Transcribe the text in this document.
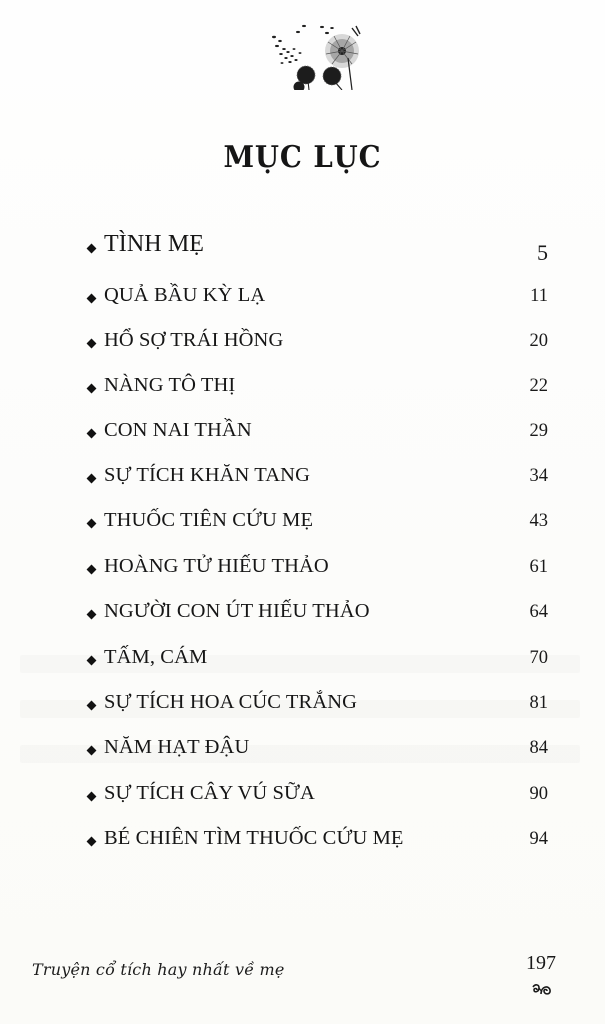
MỤC LỤC
TÌNH MẸ	5
QUẢ BẦU KỲ LẠ	11
HỔ SỢ TRÁI HỒNG	20
NÀNG TÔ THỊ	22
CON NAI THẦN	29
SỰ TÍCH KHĂN TANG	34
THUỐC TIÊN CỨU MẸ	43
HOÀNG TỬ HIẾU THẢO	61
NGƯỜI CON ÚT HIẾU THẢO	64
TẤM, CÁM	70
SỰ TÍCH HOA CÚC TRẮNG	81
NĂM HẠT ĐẬU	84
SỰ TÍCH CÂY VÚ SỮA	90
BÉ CHIÊN TÌM THUỐC CỨU MẸ	94
Truyện cổ tích hay nhất về mẹ	197
